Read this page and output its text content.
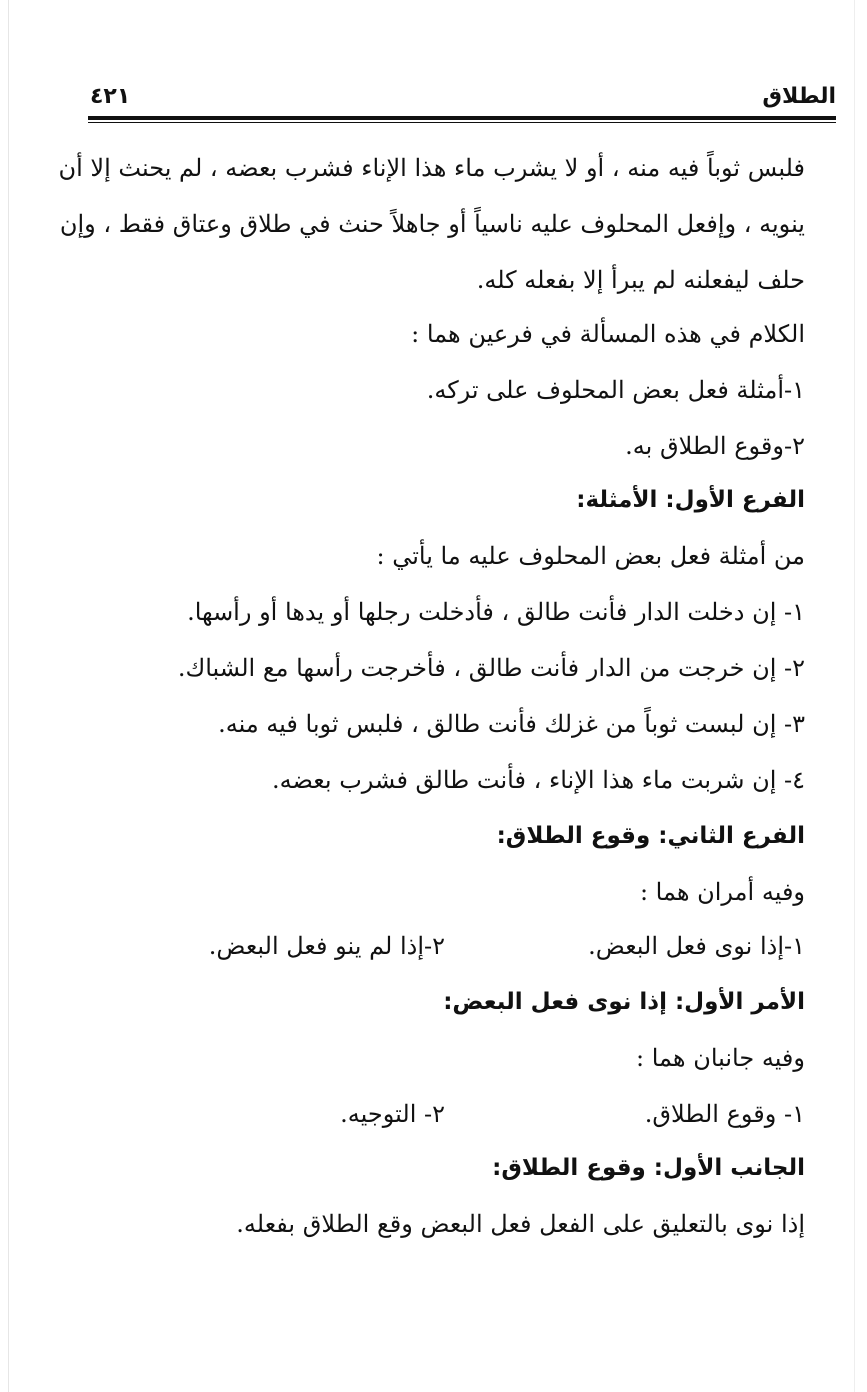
الطلاق
٤٢١
فلبس ثوباً فيه منه ، أو لا يشرب ماء هذا الإناء فشرب بعضه ، لم يحنث إلا أن
ينويه ، وإفعل المحلوف عليه ناسياً أو جاهلاً حنث في طلاق وعتاق فقط ، وإن
حلف ليفعلنه لم يبرأ إلا بفعله كله.
الكلام في هذه المسألة في فرعين هما :
١-أمثلة فعل بعض المحلوف على تركه.
٢-وقوع الطلاق به.
الفرع الأول: الأمثلة:
من أمثلة فعل بعض المحلوف عليه ما يأتي :
١- إن دخلت الدار فأنت طالق ، فأدخلت رجلها أو يدها أو رأسها.
٢- إن خرجت من الدار فأنت طالق ، فأخرجت رأسها مع الشباك.
٣- إن لبست ثوباً من غزلك فأنت طالق ، فلبس ثوبا فيه منه.
٤- إن شربت ماء هذا الإناء ، فأنت طالق فشرب بعضه.
الفرع الثاني: وقوع الطلاق:
وفيه أمران هما :
١-إذا نوى فعل البعض.
٢-إذا لم ينو فعل البعض.
الأمر الأول: إذا نوى فعل البعض:
وفيه جانبان هما :
١- وقوع الطلاق.
٢- التوجيه.
الجانب الأول: وقوع الطلاق:
إذا نوى بالتعليق على الفعل فعل البعض وقع الطلاق بفعله.
